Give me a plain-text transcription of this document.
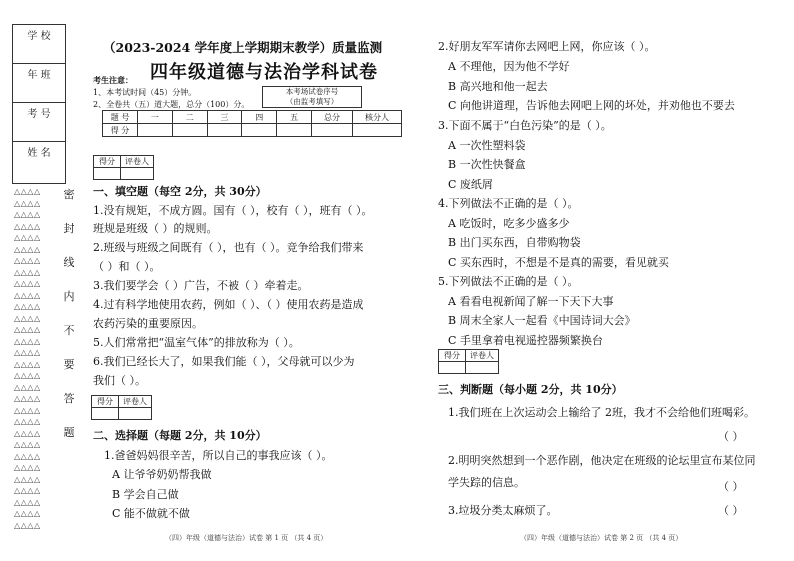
学 校
年 班
考 号
姓 名
△△△△
△△△△
△△△△
△△△△
△△△△
△△△△
△△△△
△△△△
△△△△
△△△△
△△△△
△△△△
△△△△
△△△△
△△△△
△△△△
△△△△
△△△△
△△△△
△△△△
△△△△
△△△△
△△△△
△△△△
△△△△
△△△△
△△△△
△△△△
△△△△
△△△△
密
封
线
内
不
要
答
题
（2023-2024 学年度上学期期末教学）质量监测
四年级道德与法治学科试卷
考生注意：
1、本考试时间（45）分钟。
2、全卷共（五）道大题，总分（100）分。
本考场试卷序号
（由监考填写）
题 号	一	二	三	四	五	总分	核分人
得 分							
得分	评卷人

一、填空题（每空 2分，共 30分）
1.没有规矩，不成方圆。国有（ ），校有（ ），班有（ ）。
班规是班级（ ）的规则。
2.班级与班级之间既有（ ），也有（ ）。竞争给我们带来
（ ）和（ ）。
3.我们要学会（ ）广告，不被（ ）牵着走。
4.过有科学地使用农药，例如（ ）、（ ）使用农药是造成
农药污染的重要原因。
5.人们常常把“温室气体”的排放称为（ ）。
6.我们已经长大了，如果我们能（ ），父母就可以少为
我们（ ）。
得分	评卷人

二、选择题（每题 2分，共 10分）
1.爸爸妈妈很辛苦，所以自己的事我应该（ ）。
A 让爷爷奶奶帮我做
B 学会自己做
C 能不做就不做
（四）年级（道德与法治）试卷 第 1 页 （共 4 页）
2.好朋友军军请你去网吧上网，你应该（ ）。
A 不理他，因为他不学好
B 高兴地和他一起去
C 向他讲道理，告诉他去网吧上网的坏处，并劝他也不要去
3.下面不属于“白色污染”的是（ ）。
A 一次性塑料袋
B 一次性快餐盒
C 废纸屑
4.下列做法不正确的是（ ）。
A 吃饭时，吃多少盛多少
B 出门买东西，自带购物袋
C 买东西时，不想是不是真的需要，看见就买
5.下列做法不正确的是（ ）。
A 看看电视新闻了解一下天下大事
B 周末全家人一起看《中国诗词大会》
C 手里拿着电视遥控器频繁换台
得分	评卷人

三、判断题（每小题 2分，共 10分）
1.我们班在上次运动会上输给了 2班，我才不会给他们班喝彩。
（ ）
2.明明突然想到一个恶作剧，他决定在班级的论坛里宣布某位同
学失踪的信息。	（ ）
3.垃圾分类太麻烦了。	（ ）
（四）年级（道德与法治）试卷 第 2 页 （共 4 页）
